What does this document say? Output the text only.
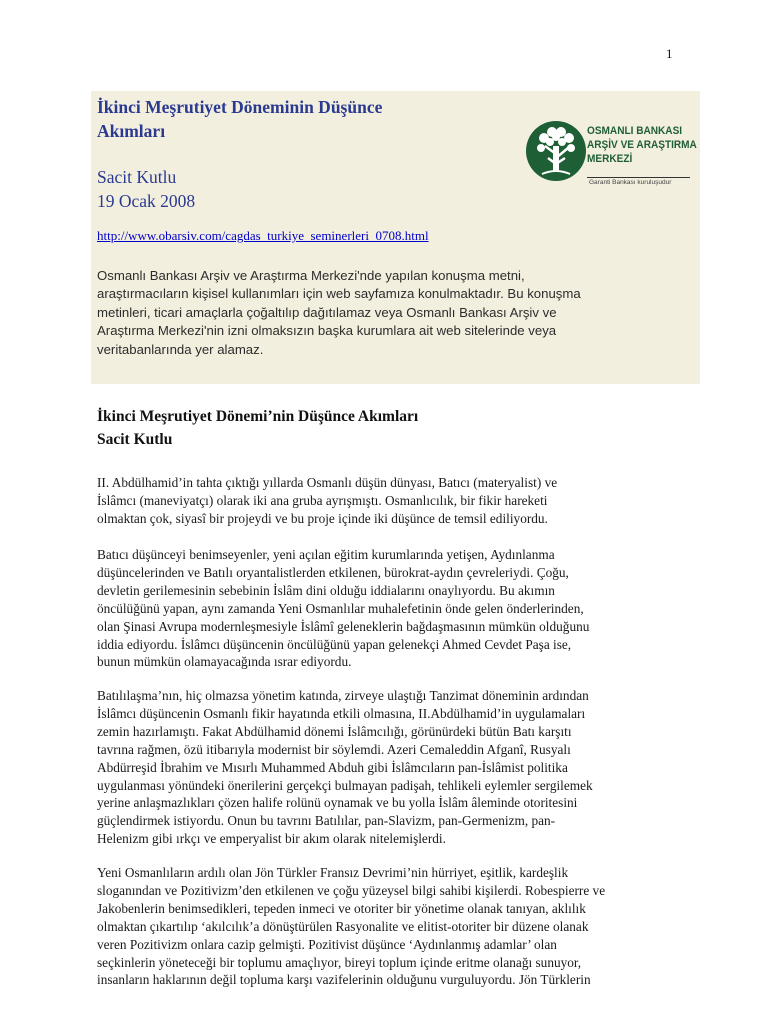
1
İkinci Meşrutiyet Döneminin Düşünce
Akımları
Sacit Kutlu
19 Ocak 2008
http://www.obarsiv.com/cagdas_turkiye_seminerleri_0708.html
Osmanlı Bankası Arşiv ve Araştırma Merkezi'nde yapılan konuşma metni,
araştırmacıların kişisel kullanımları için web sayfamıza konulmaktadır. Bu konuşma
metinleri, ticari amaçlarla çoğaltılıp dağıtılamaz veya Osmanlı Bankası Arşiv ve
Araştırma Merkezi'nin izni olmaksızın başka kurumlara ait web sitelerinde veya
veritabanlarında yer alamaz.
OSMANLI BANKASI
ARŞİV VE ARAŞTIRMA
MERKEZİ
Garanti Bankası kuruluşudur
İkinci Meşrutiyet Dönemi’nin Düşünce Akımları
Sacit Kutlu
II. Abdülhamid’in tahta çıktığı yıllarda Osmanlı düşün dünyası, Batıcı (materyalist) ve
İslâmcı (maneviyatçı) olarak iki ana gruba ayrışmıştı. Osmanlıcılık, bir fikir hareketi
olmaktan çok, siyasî bir projeydi ve bu proje içinde iki düşünce de temsil ediliyordu.
Batıcı düşünceyi benimseyenler, yeni açılan eğitim kurumlarında yetişen, Aydınlanma
düşüncelerinden ve Batılı oryantalistlerden etkilenen, bürokrat-aydın çevreleriydi. Çoğu,
devletin gerilemesinin sebebinin İslâm dini olduğu iddialarını onaylıyordu. Bu akımın
öncülüğünü yapan, aynı zamanda Yeni Osmanlılar muhalefetinin önde gelen önderlerinden,
olan Şinasi Avrupa modernleşmesiyle İslâmî geleneklerin bağdaşmasının mümkün olduğunu
iddia ediyordu. İslâmcı düşüncenin öncülüğünü yapan gelenekçi Ahmed Cevdet Paşa ise,
bunun mümkün olamayacağında ısrar ediyordu.
Batılılaşma’nın, hiç olmazsa yönetim katında, zirveye ulaştığı Tanzimat döneminin ardından
İslâmcı düşüncenin Osmanlı fikir hayatında etkili olmasına, II.Abdülhamid’in uygulamaları
zemin hazırlamıştı. Fakat Abdülhamid dönemi İslâmcılığı, görünürdeki bütün Batı karşıtı
tavrına rağmen, özü itibarıyla modernist bir söylemdi. Azeri Cemaleddin Afganî, Rusyalı
Abdürreşid İbrahim ve Mısırlı Muhammed Abduh gibi İslâmcıların pan-İslâmist politika
uygulanması yönündeki önerilerini gerçekçi bulmayan padişah, tehlikeli eylemler sergilemek
yerine anlaşmazlıkları çözen halife rolünü oynamak ve bu yolla İslâm âleminde otoritesini
güçlendirmek istiyordu. Onun bu tavrını Batılılar, pan-Slavizm, pan-Germenizm, pan-
Helenizm gibi ırkçı ve emperyalist bir akım olarak nitelemişlerdi.
Yeni Osmanlıların ardılı olan Jön Türkler Fransız Devrimi’nin hürriyet, eşitlik, kardeşlik
sloganından ve Pozitivizm’den etkilenen ve çoğu yüzeysel bilgi sahibi kişilerdi. Robespierre ve
Jakobenlerin benimsedikleri, tepeden inmeci ve otoriter bir yönetime olanak tanıyan, aklılık
olmaktan çıkartılıp ‘akılcılık’a dönüştürülen Rasyonalite ve elitist-otoriter bir düzene olanak
veren Pozitivizm onlara cazip gelmişti. Pozitivist düşünce ‘Aydınlanmış adamlar’ olan
seçkinlerin yöneteceği bir toplumu amaçlıyor, bireyi toplum içinde eritme olanağı sunuyor,
insanların haklarının değil topluma karşı vazifelerinin olduğunu vurguluyordu. Jön Türklerin
